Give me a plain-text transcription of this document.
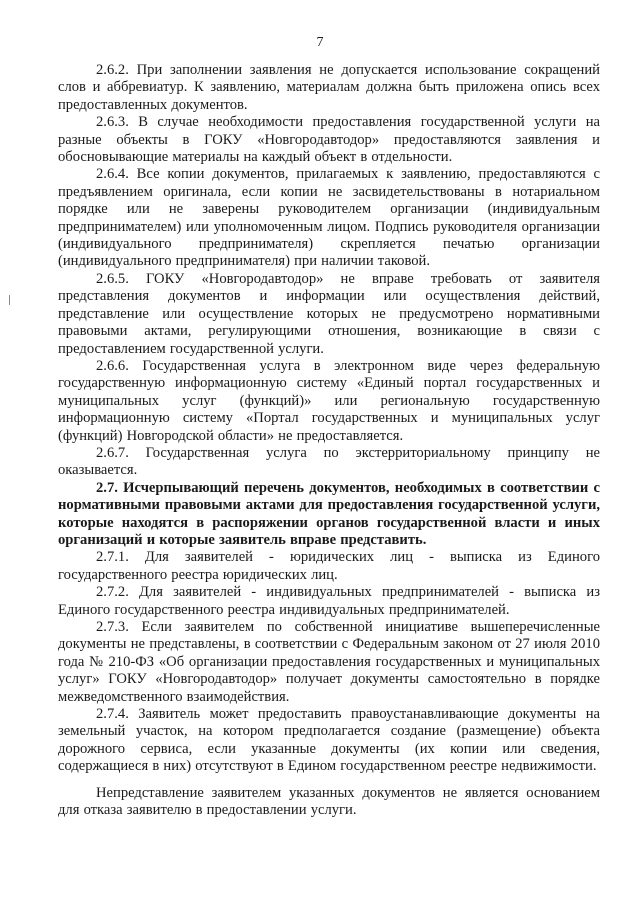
7

2.6.2. При заполнении заявления не допускается использование сокращений слов и аббревиатур. К заявлению, материалам должна быть приложена опись всех предоставленных документов.

2.6.3. В случае необходимости предоставления государственной услуги на разные объекты в ГОКУ «Новгородавтодор» предоставляются заявления и обосновывающие материалы на каждый объект в отдельности.

2.6.4. Все копии документов, прилагаемых к заявлению, предоставляются с предъявлением оригинала, если копии не засвидетельствованы в нотариальном порядке или не заверены руководителем организации (индивидуальным предпринимателем) или уполномоченным лицом. Подпись руководителя организации (индивидуального предпринимателя) скрепляется печатью организации (индивидуального предпринимателя) при наличии таковой.

2.6.5. ГОКУ «Новгородавтодор» не вправе требовать от заявителя представления документов и информации или осуществления действий, представление или осуществление которых не предусмотрено нормативными правовыми актами, регулирующими отношения, возникающие в связи с предоставлением государственной услуги.

2.6.6. Государственная услуга в электронном виде через федеральную государственную информационную систему «Единый портал государственных и муниципальных услуг (функций)» или региональную государственную информационную систему «Портал государственных и муниципальных услуг (функций) Новгородской области» не предоставляется.

2.6.7. Государственная услуга по экстерриториальному принципу не оказывается.

2.7. Исчерпывающий перечень документов, необходимых в соответствии с нормативными правовыми актами для предоставления государственной услуги, которые находятся в распоряжении органов государственной власти и иных организаций и которые заявитель вправе представить.

2.7.1. Для заявителей - юридических лиц - выписка из Единого государственного реестра юридических лиц.

2.7.2. Для заявителей - индивидуальных предпринимателей - выписка из Единого государственного реестра индивидуальных предпринимателей.

2.7.3. Если заявителем по собственной инициативе вышеперечисленные документы не представлены, в соответствии с Федеральным законом от 27 июля 2010 года № 210-ФЗ «Об организации предоставления государственных и муниципальных услуг» ГОКУ «Новгородавтодор» получает документы самостоятельно в порядке межведомственного взаимодействия.

2.7.4. Заявитель может предоставить правоустанавливающие документы на земельный участок, на котором предполагается создание (размещение) объекта дорожного сервиса, если указанные документы (их копии или сведения, содержащиеся в них) отсутствуют в Едином государственном реестре недвижимости.

Непредставление заявителем указанных документов не является основанием для отказа заявителю в предоставлении услуги.
